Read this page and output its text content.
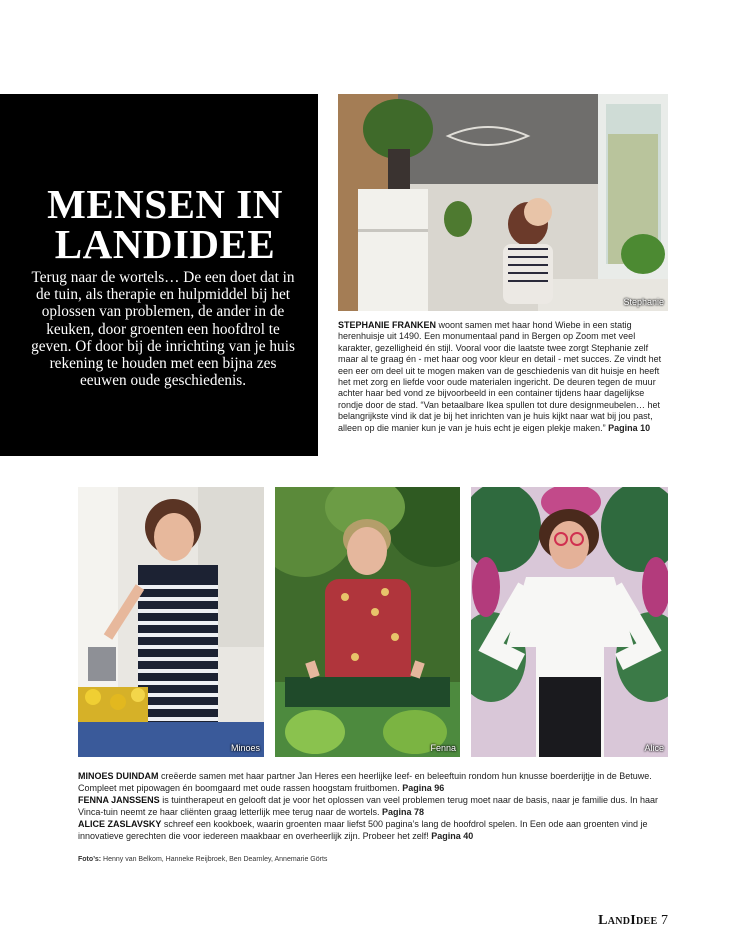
MENSEN IN LANDIDEE

Terug naar de wortels… De een doet dat in de tuin, als therapie en hulpmiddel bij het oplossen van problemen, de ander in de keuken, door groenten een hoofdrol te geven. Of door bij de inrichting van je huis rekening te houden met een bijna zes eeuwen oude geschiedenis.

Stephanie
STEPHANIE FRANKEN woont samen met haar hond Wiebe in een statig herenhuisje uit 1490. Een monumentaal pand in Bergen op Zoom met veel karakter, gezelligheid én stijl. Vooral voor die laatste twee zorgt Stephanie zelf maar al te graag én - met haar oog voor kleur en detail - met succes. Ze vindt het een eer om deel uit te mogen maken van de geschiedenis van dit huisje en heeft het met zorg en liefde voor oude materialen ingericht. De deuren tegen de muur achter haar bed vond ze bijvoorbeeld in een container tijdens haar dagelijkse rondje door de stad. “Van betaalbare Ikea spullen tot dure designmeubelen… het belangrijkste vind ik dat je bij het inrichten van je huis kijkt naar wat bij jou past, alleen op die manier kun je van je huis echt je eigen plekje maken.” Pagina 10
Minoes	Fenna	Alice

MINOES DUINDAM creëerde samen met haar partner Jan Heres een heerlijke leef- en beleeftuin rondom hun knusse boerderijtje in de Betuwe. Compleet met pipowagen én boomgaard met oude rassen hoogstam fruitbomen. Pagina 96

FENNA JANSSENS is tuintherapeut en gelooft dat je voor het oplossen van veel problemen terug moet naar de basis, naar je familie dus. In haar Vinca-tuin neemt ze haar cliënten graag letterlijk mee terug naar de wortels. Pagina 78

ALICE ZASLAVSKY schreef een kookboek, waarin groenten maar liefst 500 pagina’s lang de hoofdrol spelen. In Een ode aan groenten vind je innovatieve gerechten die voor iedereen maakbaar en overheerlijk zijn. Probeer het zelf! Pagina 40

Foto’s: Henny van Belkom, Hanneke Reijbroek, Ben Dearnley, Annemarie Görts
LandIdee 7
